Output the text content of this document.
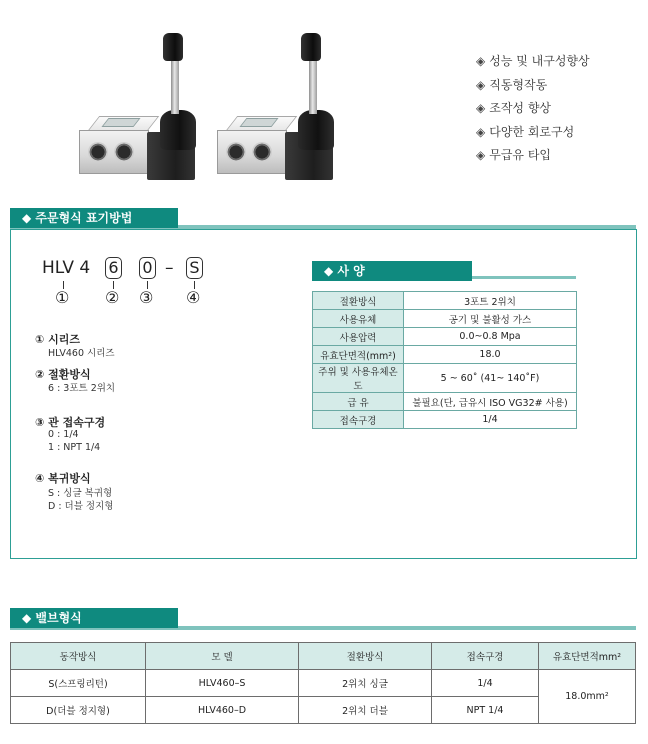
◈ 성능 및 내구성향상
◈ 직동형작동
◈ 조작성 향상
◈ 다양한 회로구성
◈ 무급유 타입
◆ 주문형식 표기방법
HLV 4 6 0 – S
① ② ③ ④
① 시리즈
HLV460 시리즈
② 절환방식
6 : 3포트 2위치
③ 관 접속구경
0 : 1/4
1 : NPT 1/4
④ 복귀방식
S : 싱글 복귀형
D : 더블 정지형
◆ 사 양
절환방식	3포트 2위치
사용유체	공기 및 불활성 가스
사용압력	0.0~0.8 Mpa
유효단면적(mm²)	18.0
주위 및 사용유체온도	5 ~ 60˚ (41~ 140˚F)
급 유	불필요(단, 급유시 ISO VG32# 사용)
접속구경	1/4
◆ 밸브형식
동작방식	모 델	절환방식	접속구경	유효단면적mm²
S(스프링리턴)	HLV460–S	2위치 싱글	1/4	18.0mm²
D(더블 정지형)	HLV460–D	2위치 더블	NPT 1/4	
